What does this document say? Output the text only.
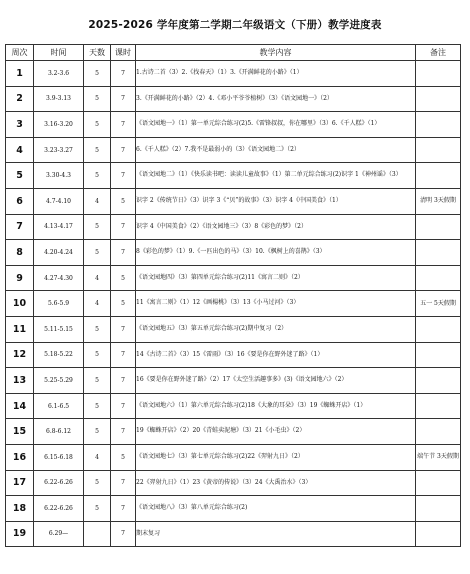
2025-2026 学年度第二学期二年级语文（下册）教学进度表
周次	时间	天数	课时	教学内容	备注
1	3.2-3.6	5	7	1.古诗二首（3）2.《找春天》（1）3.《开满鲜花的小路》（1）	
2	3.9-3.13	5	7	3.《开满鲜花的小路》（2）4.《邓小平爷爷植树》（3）《语文园地一》（2）	
3	3.16-3.20	5	7	《语文园地一》（1）第一单元综合练习(2)5.《雷锋叔叔，你在哪里》（3）6.《千人糕》（1）	
4	3.23-3.27	5	7	6.《千人糕》（2）7.我不是最弱小的（3）《语文园地二》（2）	
5	3.30-4.3	5	7	《语文园地二》（1）《快乐读书吧：读读儿童故事》（1）第二单元综合练习(2)识字 1《神州谣》（3）	
6	4.7-4.10	4	5	识字 2《传统节日》（3）识字 3《“贝”的故事》（3）识字 4《中国美食》（1）	清明 3天假期
7	4.13-4.17	5	7	识字 4《中国美食》（2）《语文园地三》（3）8《彩色的梦》（2）	
8	4.20-4.24	5	7	8《彩色的梦》（1）9.《一匹出色的马》（3）10.《枫树上的喜鹊》（3）	
9	4.27-4.30	4	5	《语文园地四》（3）第四单元综合练习(2)11《寓言二则》（2）	
10	5.6-5.9	4	5	11《寓言二则》（1）12《画楊桃》（3）13《小马过河》（3）	五一 5天假期
11	5.11-5.15	5	7	《语文园地五》（3）第五单元综合练习(2)期中复习（2）	
12	5.18-5.22	5	7	14《古诗二首》（3）15《雷雨》（3）16《要是你在野外迷了路》（1）	
13	5.25-5.29	5	7	16《要是你在野外迷了路》（2）17《太空生活趣事多》(3)《语文园地六》（2）	
14	6.1-6.5	5	7	《语文园地六》（1）第六单元综合练习(2)18《大象的耳朵》（3）19《蜘蛛开店》（1）	
15	6.8-6.12	5	7	19《蜘蛛开店》（2）20《青蛙卖泥塘》（3）21《小毛虫》（2）	
16	6.15-6.18	4	5	《语文园地七》（3）第七单元综合练习(2)22《羿射九日》（2）	端午节 3天假期
17	6.22-6.26	5	7	22《羿射九日》（1）23《黄帝的传说》（3）24《大禹治水》（3）	
18	6.22-6.26	5	7	《语文园地八》（3）第八单元综合练习(2)	
19	6.29—		7	期末复习	
